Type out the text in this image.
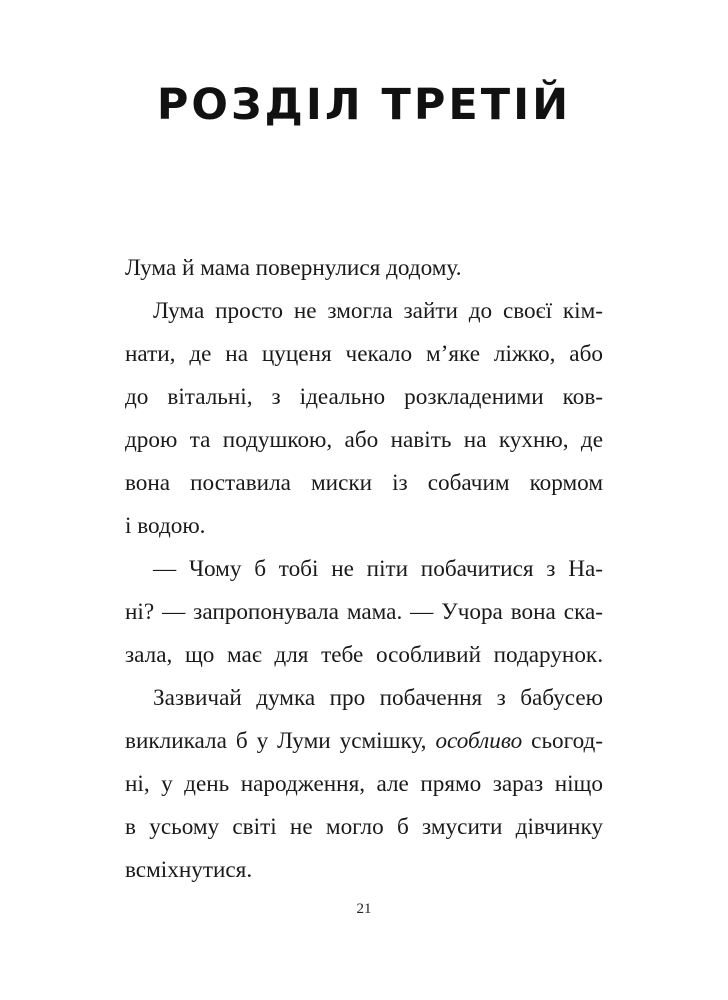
РОЗДІЛ ТРЕТІЙ
Лума й мама повернулися додому.
Лума просто не змогла зайти до своєї кім-
нати, де на цуценя чекало м’яке ліжко, або
до вітальні, з ідеально розкладеними ков-
дрою та подушкою, або навіть на кухню, де
вона поставила миски із собачим кормом
і водою.
— Чому б тобі не піти побачитися з На-
ні? — запропонувала мама. — Учора вона ска-
зала, що має для тебе особливий подарунок.
Зазвичай думка про побачення з бабусею
викликала б у Луми усмішку, особливо сьогод-
ні, у день народження, але прямо зараз ніщо
в усьому світі не могло б змусити дівчинку
всміхнутися.
21
